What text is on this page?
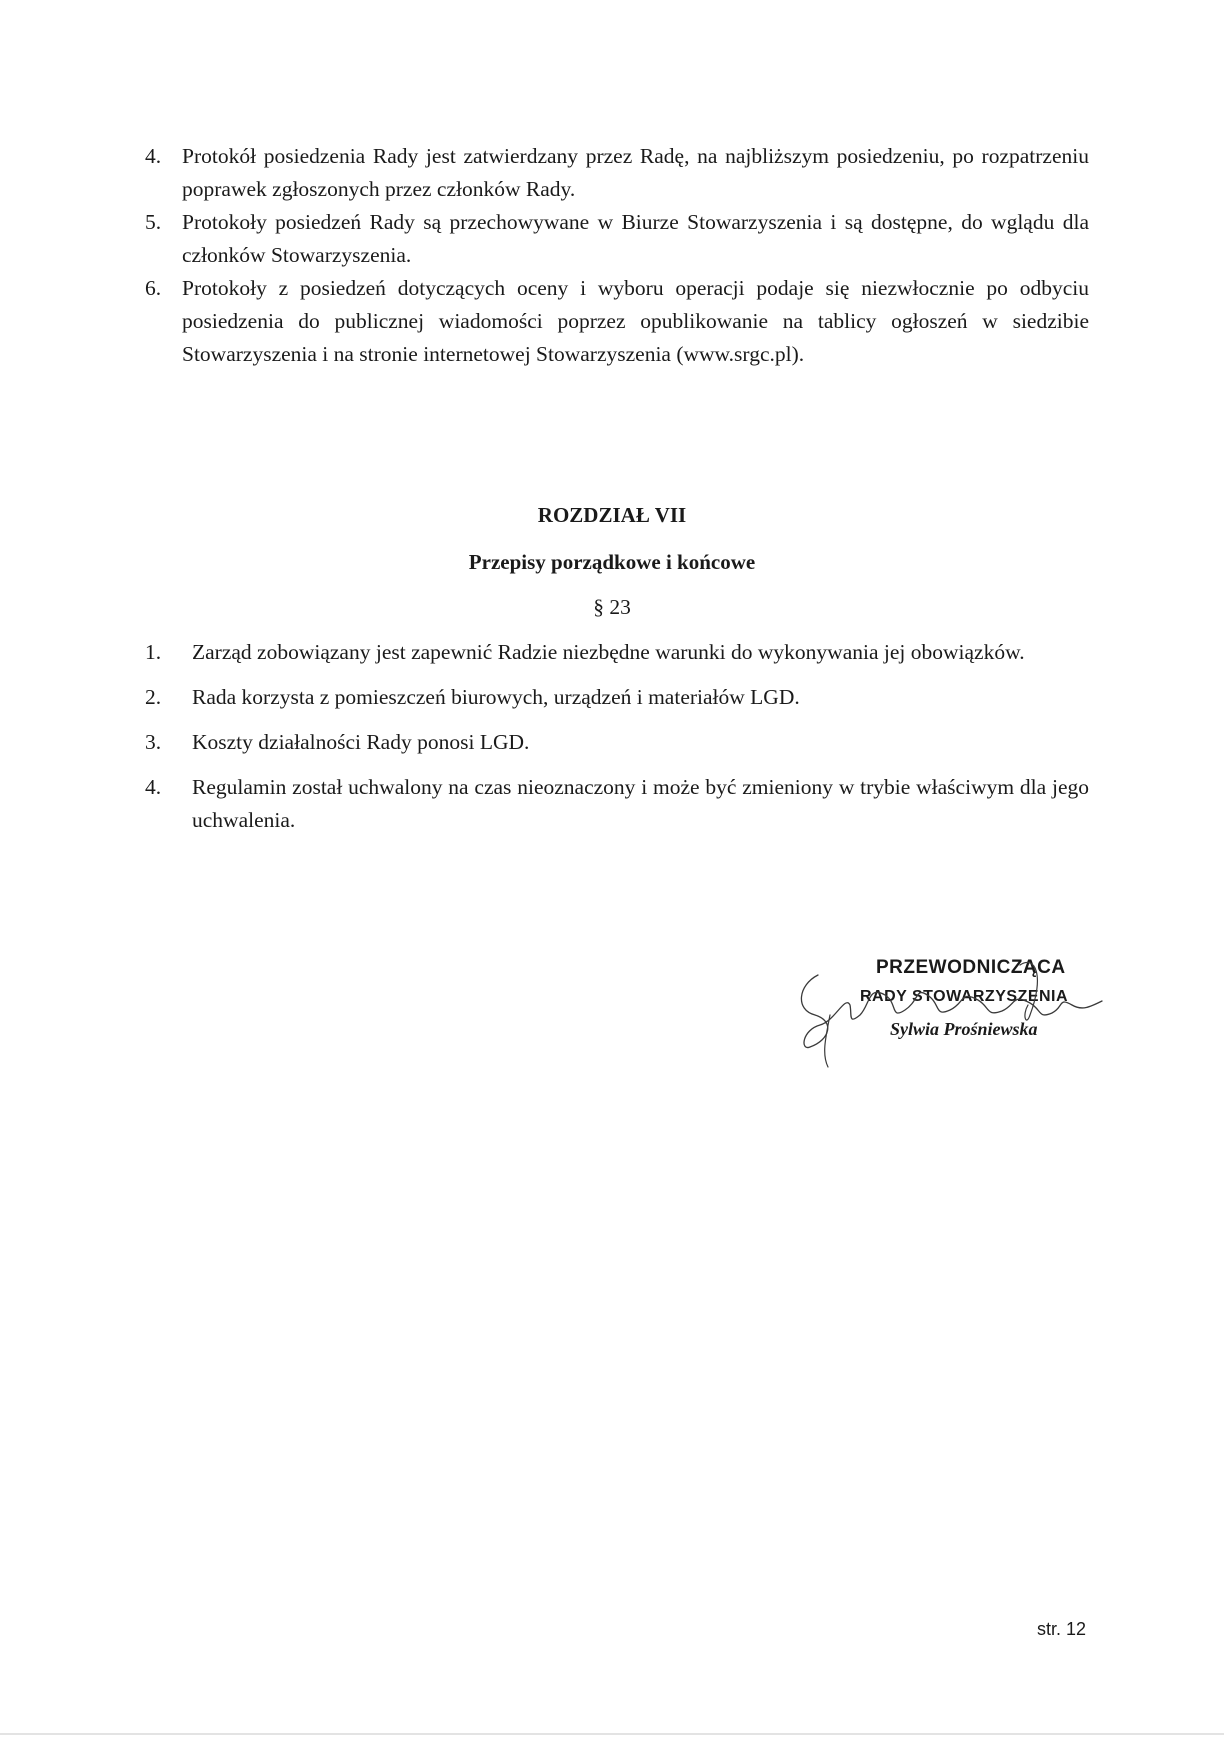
4. Protokół posiedzenia Rady jest zatwierdzany przez Radę, na najbliższym posiedzeniu, po rozpatrzeniu poprawek zgłoszonych przez członków Rady.
5. Protokoły posiedzeń Rady są przechowywane w Biurze Stowarzyszenia i są dostępne, do wglądu dla członków Stowarzyszenia.
6. Protokoły z posiedzeń dotyczących oceny i wyboru operacji podaje się niezwłocznie po odbyciu posiedzenia do publicznej wiadomości poprzez opublikowanie na tablicy ogłoszeń w siedzibie Stowarzyszenia i na stronie internetowej Stowarzyszenia (www.srgc.pl).
ROZDZIAŁ VII
Przepisy porządkowe i końcowe
§ 23
1. Zarząd zobowiązany jest zapewnić Radzie niezbędne warunki do wykonywania jej obowiązków.
2. Rada korzysta z pomieszczeń biurowych, urządzeń i materiałów LGD.
3. Koszty działalności Rady ponosi LGD.
4. Regulamin został uchwalony na czas nieoznaczony i może być zmieniony w trybie właściwym dla jego uchwalenia.
PRZEWODNICZĄCA
RADY STOWARZYSZENIA
Sylwia Prośniewska
str. 12
